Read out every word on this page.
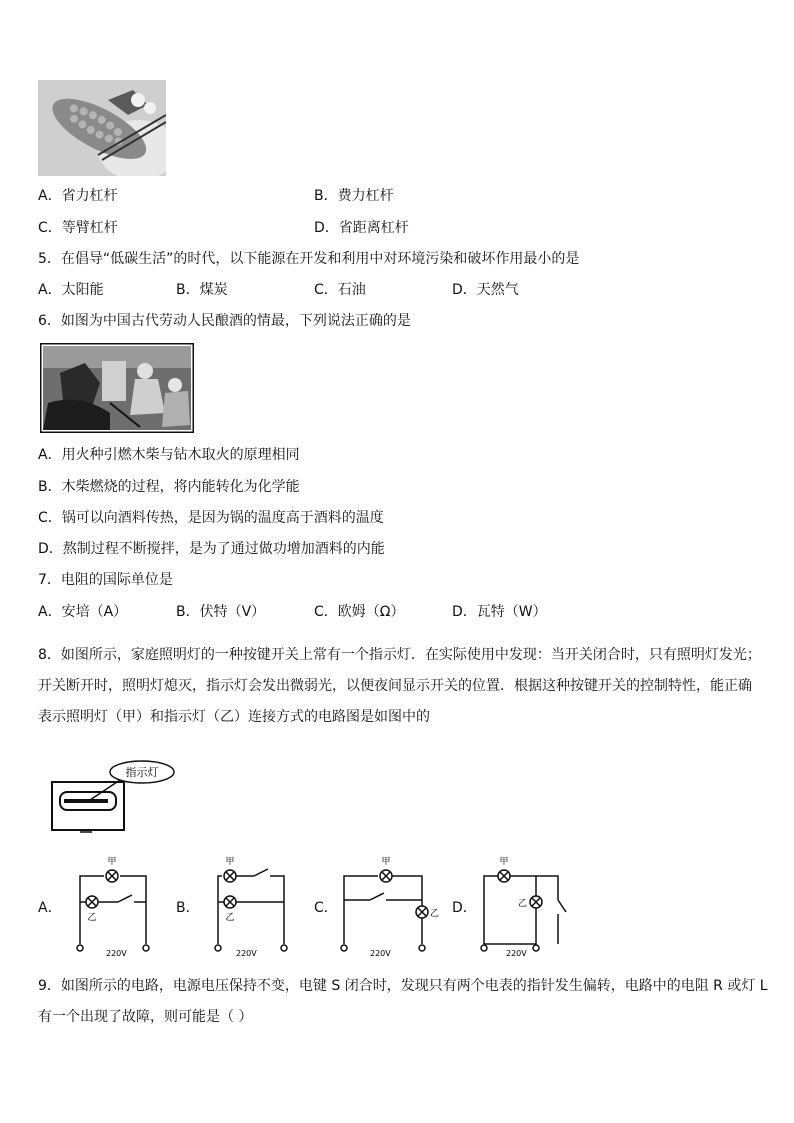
A．省力杠杆	B．费力杠杆
C．等臂杠杆	D．省距离杠杆
5．在倡导“低碳生活”的时代，以下能源在开发和利用中对环境污染和破坏作用最小的是
A．太阳能	B．煤炭	C．石油	D．天然气
6．如图为中国古代劳动人民酿酒的情最，下列说法正确的是
A．用火种引燃木柴与钻木取火的原理相同
B．木柴燃烧的过程，将内能转化为化学能
C．锅可以向酒料传热，是因为锅的温度高于酒料的温度
D．熬制过程不断搅拌，是为了通过做功增加酒料的内能
7．电阻的国际单位是
A．安培（A）	B．伏特（V）	C．欧姆（Ω）	D．瓦特（W）
8．如图所示，家庭照明灯的一种按键开关上常有一个指示灯．在实际使用中发现：当开关闭合时，只有照明灯发光；
开关断开时，照明灯熄灭，指示灯会发出微弱光，以便夜间显示开关的位置．根据这种按键开关的控制特性，能正确
表示照明灯（甲）和指示灯（乙）连接方式的电路图是如图中的
指示灯
A．	B．	C．	D．
甲
乙
220V
甲
乙
220V
甲
乙
220V
甲
乙
220V
9．如图所示的电路，电源电压保持不变，电键 S 闭合时，发现只有两个电表的指针发生偏转，电路中的电阻 R 或灯 L
有一个出现了故障，则可能是（ ）
